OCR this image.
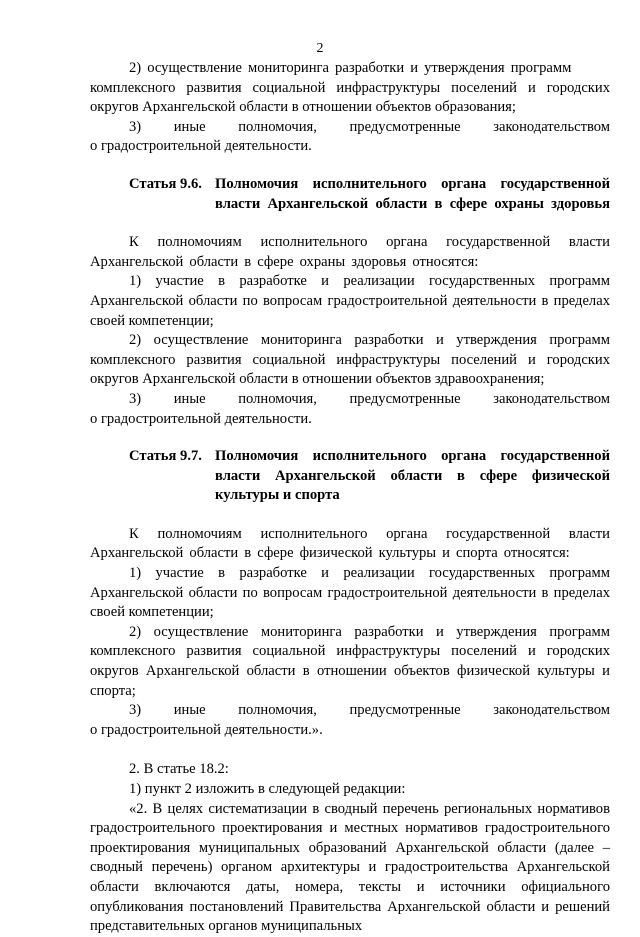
2

2) осуществление мониторинга разработки и утверждения программ

комплексного развития социальной инфраструктуры поселений и городских округов Архангельской области в отношении объектов образования;

3) иные полномочия, предусмотренные законодательством

о градостроительной деятельности.

Статья 9.6. Полномочия исполнительного органа государственной
власти Архангельской области в сфере охраны здоровья

К полномочиям исполнительного органа государственной власти Архангельской области в сфере охраны здоровья относятся:

1) участие в разработке и реализации государственных программ Архангельской области по вопросам градостроительной деятельности в пределах своей компетенции;

2) осуществление мониторинга разработки и утверждения программ комплексного развития социальной инфраструктуры поселений и городских округов Архангельской области в отношении объектов здравоохранения;

3) иные полномочия, предусмотренные законодательством

о градостроительной деятельности.

Статья 9.7. Полномочия исполнительного органа государственной
власти Архангельской области в сфере физической
культуры и спорта

К полномочиям исполнительного органа государственной власти Архангельской области в сфере физической культуры и спорта относятся:

1) участие в разработке и реализации государственных программ Архангельской области по вопросам градостроительной деятельности в пределах своей компетенции;

2) осуществление мониторинга разработки и утверждения программ комплексного развития социальной инфраструктуры поселений и городских округов Архангельской области в отношении объектов физической культуры и спорта;

3) иные полномочия, предусмотренные законодательством

о градостроительной деятельности.».

2. В статье 18.2:

1) пункт 2 изложить в следующей редакции:

«2. В целях систематизации в сводный перечень региональных нормативов градостроительного проектирования и местных нормативов градостроительного проектирования муниципальных образований Архангельской области (далее – сводный перечень) органом архитектуры и градостроительства Архангельской области включаются даты, номера, тексты и источники официального опубликования постановлений Правительства Архангельской области и решений представительных органов муниципальных
